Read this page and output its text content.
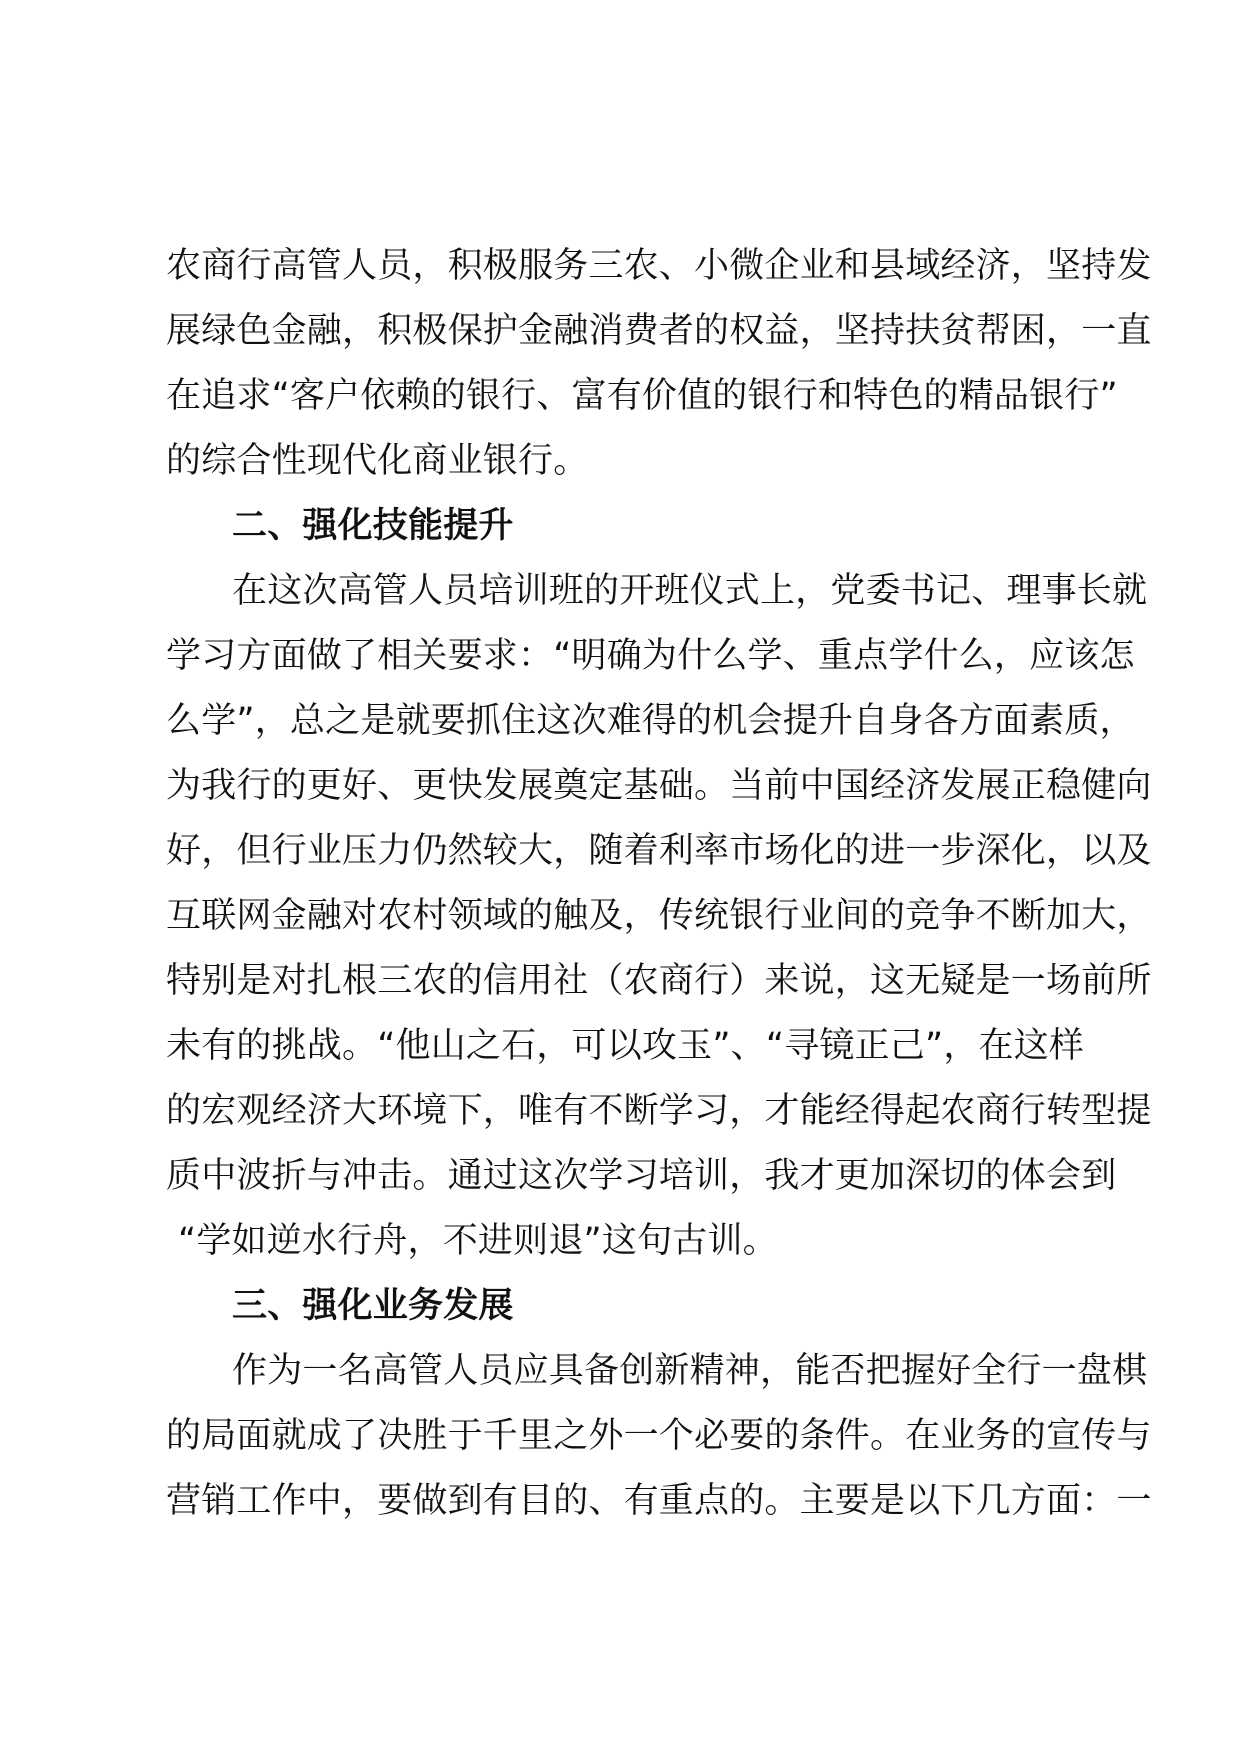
农商行高管人员，积极服务三农、小微企业和县域经济，坚持发
展绿色金融，积极保护金融消费者的权益，坚持扶贫帮困，一直
在追求“客户依赖的银行、富有价值的银行和特色的精品银行”
的综合性现代化商业银行。
二、强化技能提升
在这次高管人员培训班的开班仪式上，党委书记、理事长就
学习方面做了相关要求：“明确为什么学、重点学什么，应该怎
么学”，总之是就要抓住这次难得的机会提升自身各方面素质，
为我行的更好、更快发展奠定基础。当前中国经济发展正稳健向
好，但行业压力仍然较大，随着利率市场化的进一步深化，以及
互联网金融对农村领域的触及，传统银行业间的竞争不断加大，
特别是对扎根三农的信用社（农商行）来说，这无疑是一场前所
未有的挑战。“他山之石，可以攻玉”、“寻镜正己”，在这样
的宏观经济大环境下，唯有不断学习，才能经得起农商行转型提
质中波折与冲击。通过这次学习培训，我才更加深切的体会到
“学如逆水行舟，不进则退”这句古训。
三、强化业务发展
作为一名高管人员应具备创新精神，能否把握好全行一盘棋
的局面就成了决胜于千里之外一个必要的条件。在业务的宣传与
营销工作中，要做到有目的、有重点的。主要是以下几方面：一
